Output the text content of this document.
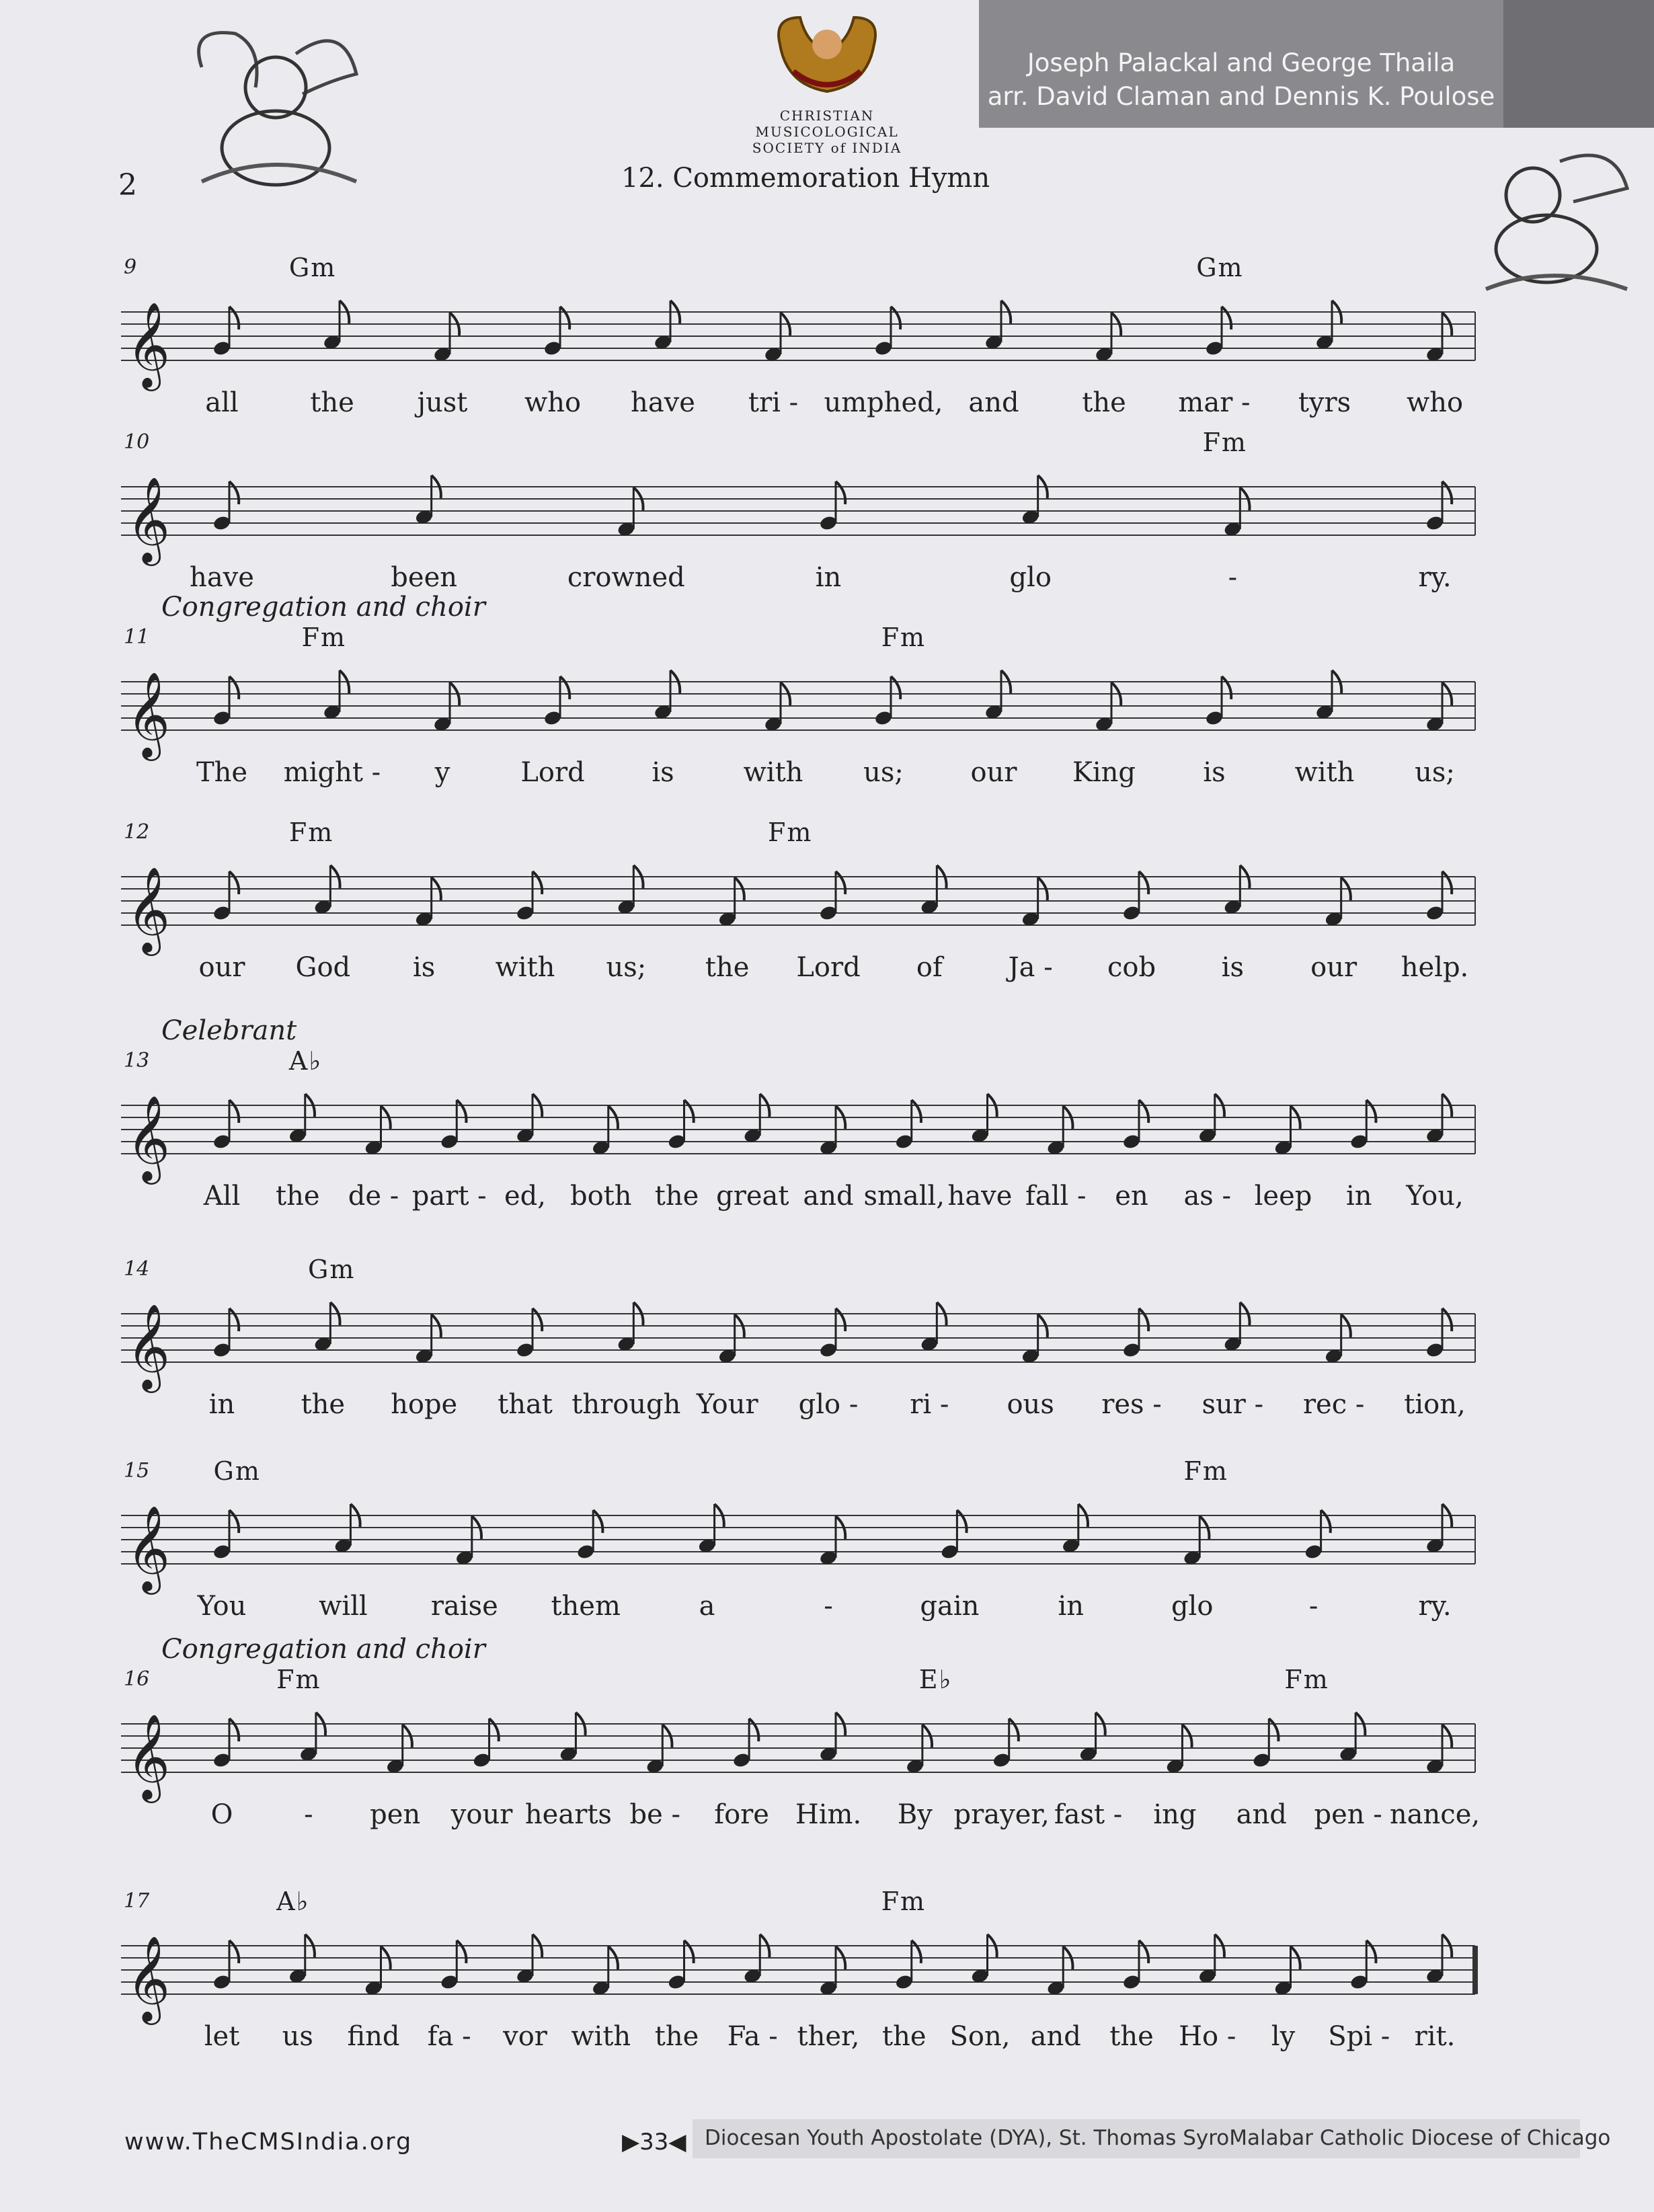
Joseph Palackal and George Thaila
arr. David Claman and Dennis K. Poulose
CHRISTIAN
MUSICOLOGICAL
SOCIETY of INDIA
2	12. Commemoration Hymn
9	Gm	Gm
𝄞
all	the just who have tri - umphed, and the mar - tyrs who
10	Fm
𝄞
have	been	crowned	in	glo	-	ry.
11
Congregation and choir
Fm	Fm
𝄞
The might - y	Lord is	with us; our King	is	with us;
12	Fm	Fm
𝄞
our God is with us; the Lord of Ja - cob is our help.
13
Celebrant
A♭
𝄞
All the de - part - ed, both the great and small, have fall - en as - leep in You,
14	Gm
𝄞
in the hope that through Your glo - ri - ous res - sur - rec - tion,
15	Gm	Fm
𝄞
You	will raise them	a	-	gain	in	glo	-	ry.
16
Congregation and choir
Fm	E♭	Fm
𝄞
O	- pen your hearts be - fore Him. By prayer, fast - ing and pen - nance,
17	A♭	Fm
𝄞
let us find fa - vor with the Fa - ther, the Son, and the Ho - ly Spi - rit.
www.TheCMSIndia.org	▶33◀ Diocesan Youth Apostolate (DYA), St. Thomas SyroMalabar Catholic Diocese of Chicago
